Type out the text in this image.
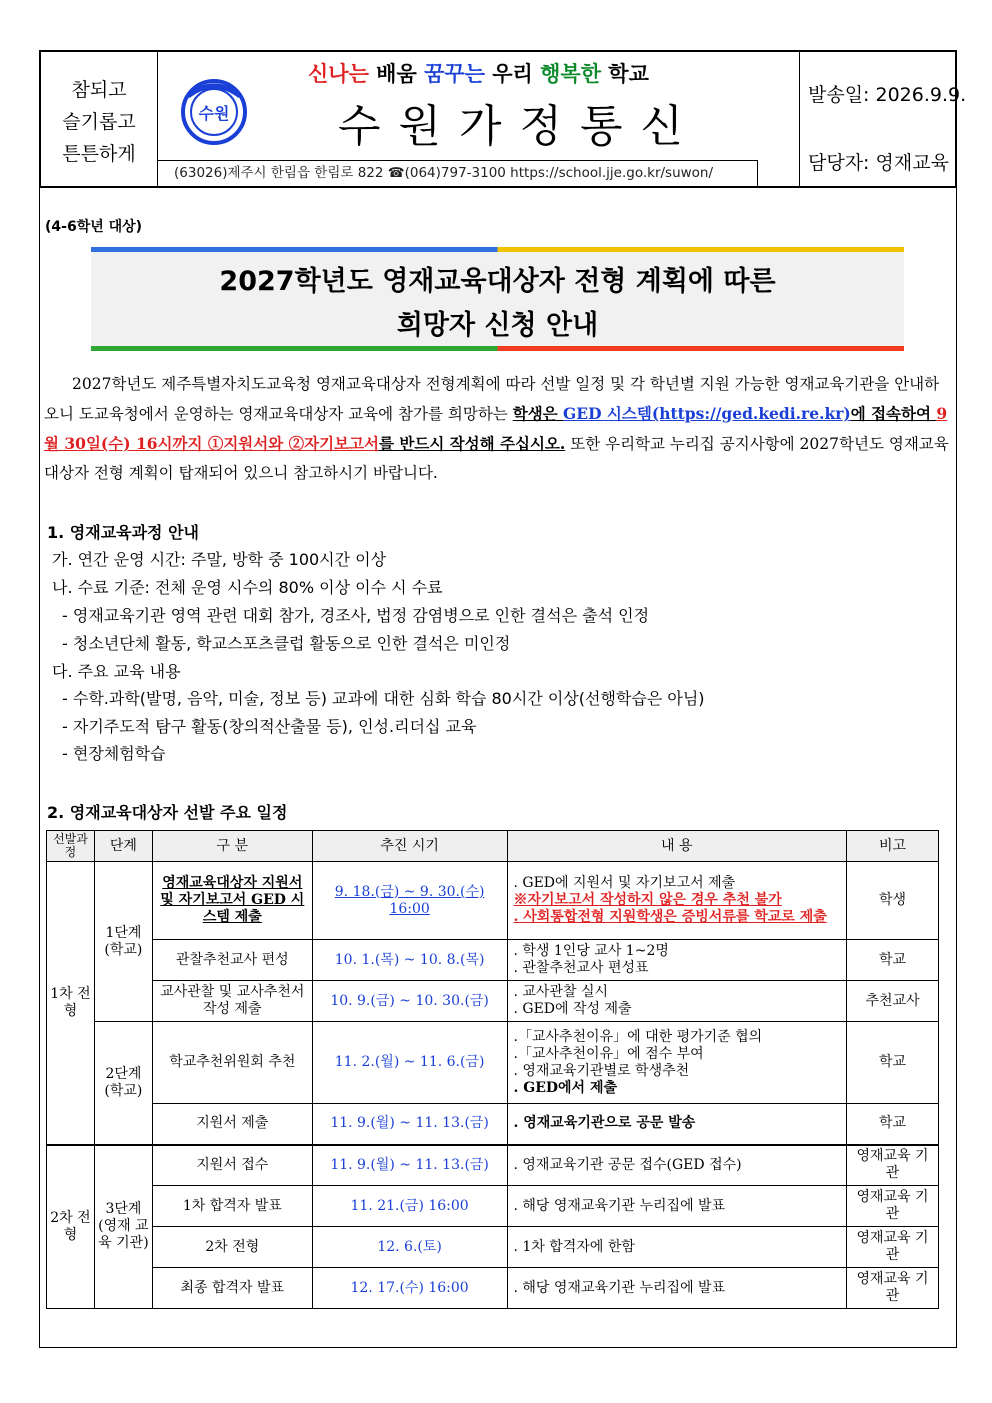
참되고
슬기롭고
튼튼하게
수원
신나는 배움 꿈꾸는 우리 행복한 학교
수원가정통신
(63026)제주시 한림읍 한림로 822 ☎(064)797-3100 https://school.jje.go.kr/suwon/
발송일: 2026.9.9.
담당자: 영재교육
(4-6학년 대상)
2027학년도 영재교육대상자 전형 계획에 따른
희망자 신청 안내
2027학년도 제주특별자치도교육청 영재교육대상자 전형계획에 따라 선발 일정 및 각 학년별 지원 가능한 영재교육기관을 안내하오니 도교육청에서 운영하는 영재교육대상자 교육에 참가를 희망하는 학생은 GED 시스템(https://ged.kedi.re.kr)에 접속하여 9월 30일(수) 16시까지 ①지원서와 ②자기보고서를 반드시 작성해 주십시오. 또한 우리학교 누리집 공지사항에 2027학년도 영재교육대상자 전형 계획이 탑재되어 있으니 참고하시기 바랍니다.
1. 영재교육과정 안내
가. 연간 운영 시간: 주말, 방학 중 100시간 이상
나. 수료 기준: 전체 운영 시수의 80% 이상 이수 시 수료
- 영재교육기관 영역 관련 대회 참가, 경조사, 법정 감염병으로 인한 결석은 출석 인정
- 청소년단체 활동, 학교스포츠클럽 활동으로 인한 결석은 미인정
다. 주요 교육 내용
- 수학.과학(발명, 음악, 미술, 정보 등) 교과에 대한 심화 학습 80시간 이상(선행학습은 아님)
- 자기주도적 탐구 활동(창의적산출물 등), 인성.리더십 교육
- 현장체험학습
2. 영재교육대상자 선발 주요 일정
선발과정	단계	구 분	추진 시기	내 용	비고
1차 전형	1단계 (학교)	영재교육대상자 지원서 및 자기보고서 GED 시스템 제출	9. 18.(금) ~ 9. 30.(수) 16:00	. GED에 지원서 및 자기보고서 제출
※자기보고서 작성하지 않은 경우 추천 불가
. 사회통합전형 지원학생은 증빙서류를 학교로 제출	학생
		관찰추천교사 편성	10. 1.(목) ~ 10. 8.(목)	. 학생 1인당 교사 1~2명
. 관찰추천교사 편성표	학교
		교사관찰 및 교사추천서 작성 제출	10. 9.(금) ~ 10. 30.(금)	. 교사관찰 실시
. GED에 작성 제출	추천교사
	2단계 (학교)	학교추천위원회 추천	11. 2.(월) ~ 11. 6.(금)	.「교사추천이유」에 대한 평가기준 협의
.「교사추천이유」에 점수 부여
. 영재교육기관별로 학생추천
. GED에서 제출	학교
		지원서 제출	11. 9.(월) ~ 11. 13.(금)	. 영재교육기관으로 공문 발송	학교
2차 전형	3단계 (영재 교육 기관)	지원서 접수	11. 9.(월) ~ 11. 13.(금)	. 영재교육기관 공문 접수(GED 접수)	영재교육 기 관
		1차 합격자 발표	11. 21.(금) 16:00	. 해당 영재교육기관 누리집에 발표	영재교육 기 관
		2차 전형	12. 6.(토)	. 1차 합격자에 한함	영재교육 기 관
		최종 합격자 발표	12. 17.(수) 16:00	. 해당 영재교육기관 누리집에 발표	영재교육 기 관
